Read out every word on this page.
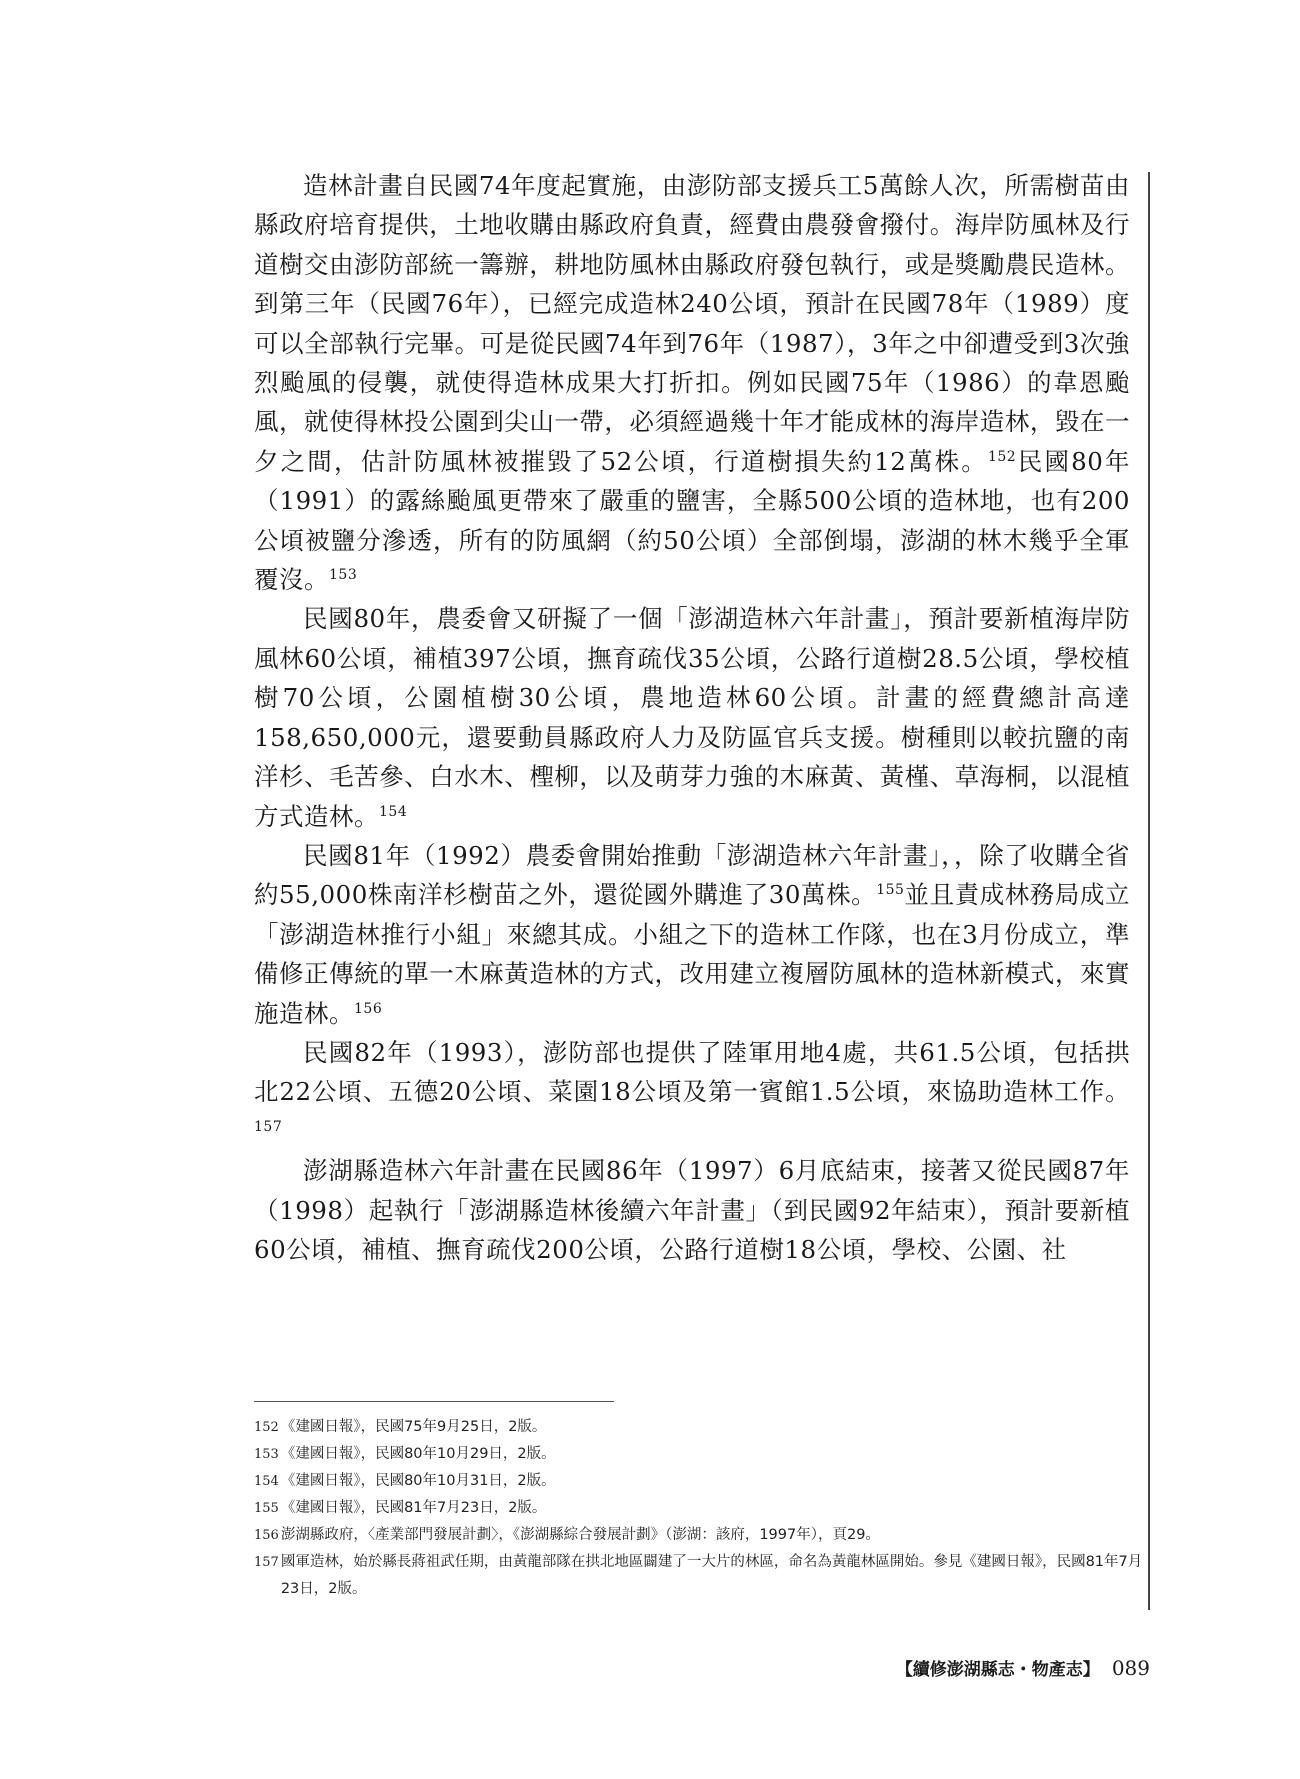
造林計畫自民國74年度起實施，由澎防部支援兵工5萬餘人次，所需樹苗由縣政府培育提供，土地收購由縣政府負責，經費由農發會撥付。海岸防風林及行道樹交由澎防部統一籌辦，耕地防風林由縣政府發包執行，或是獎勵農民造林。到第三年（民國76年），已經完成造林240公頃，預計在民國78年（1989）度可以全部執行完畢。可是從民國74年到76年（1987），3年之中卻遭受到3次強烈颱風的侵襲，就使得造林成果大打折扣。例如民國75年（1986）的韋恩颱風，就使得林投公園到尖山一帶，必須經過幾十年才能成林的海岸造林，毀在一夕之間，估計防風林被摧毀了52公頃，行道樹損失約12萬株。$^{152}$民國80年（1991）的露絲颱風更帶來了嚴重的鹽害，全縣500公頃的造林地，也有200公頃被鹽分滲透，所有的防風網（約50公頃）全部倒塌，澎湖的林木幾乎全軍覆沒。$^{153}$

民國80年，農委會又研擬了一個「澎湖造林六年計畫」，預計要新植海岸防風林60公頃，補植397公頃，撫育疏伐35公頃，公路行道樹28.5公頃，學校植樹70公頃，公園植樹30公頃，農地造林60公頃。計畫的經費總計高達158,650,000元，還要動員縣政府人力及防區官兵支援。樹種則以較抗鹽的南洋杉、毛苦參、白水木、檉柳，以及萌芽力強的木麻黃、黃槿、草海桐，以混植方式造林。$^{154}$

民國81年（1992）農委會開始推動「澎湖造林六年計畫」，，除了收購全省約55,000株南洋杉樹苗之外，還從國外購進了30萬株。$^{155}$並且責成林務局成立「澎湖造林推行小組」來總其成。小組之下的造林工作隊，也在3月份成立，準備修正傳統的單一木麻黃造林的方式，改用建立複層防風林的造林新模式，來實施造林。$^{156}$

民國82年（1993），澎防部也提供了陸軍用地4處，共61.5公頃，包括拱北22公頃、五德20公頃、菜園18公頃及第一賓館1.5公頃，來協助造林工作。$^{157}$

澎湖縣造林六年計畫在民國86年（1997）6月底結束，接著又從民國87年（1998）起執行「澎湖縣造林後續六年計畫」（到民國92年結束），預計要新植60公頃，補植、撫育疏伐200公頃，公路行道樹18公頃，學校、公園、社

152 《建國日報》，民國75年9月25日，2版。
153 《建國日報》，民國80年10月29日，2版。
154 《建國日報》，民國80年10月31日，2版。
155 《建國日報》，民國81年7月23日，2版。
156 澎湖縣政府，〈產業部門發展計劃〉，《澎湖縣綜合發展計劃》（澎湖：該府，1997年），頁29。
157 國軍造林，始於縣長蔣祖武任期，由黃龍部隊在拱北地區闢建了一大片的林區，命名為黃龍林區開始。參見《建國日報》，民國81年7月23日，2版。
【續修澎湖縣志・物產志】 089
